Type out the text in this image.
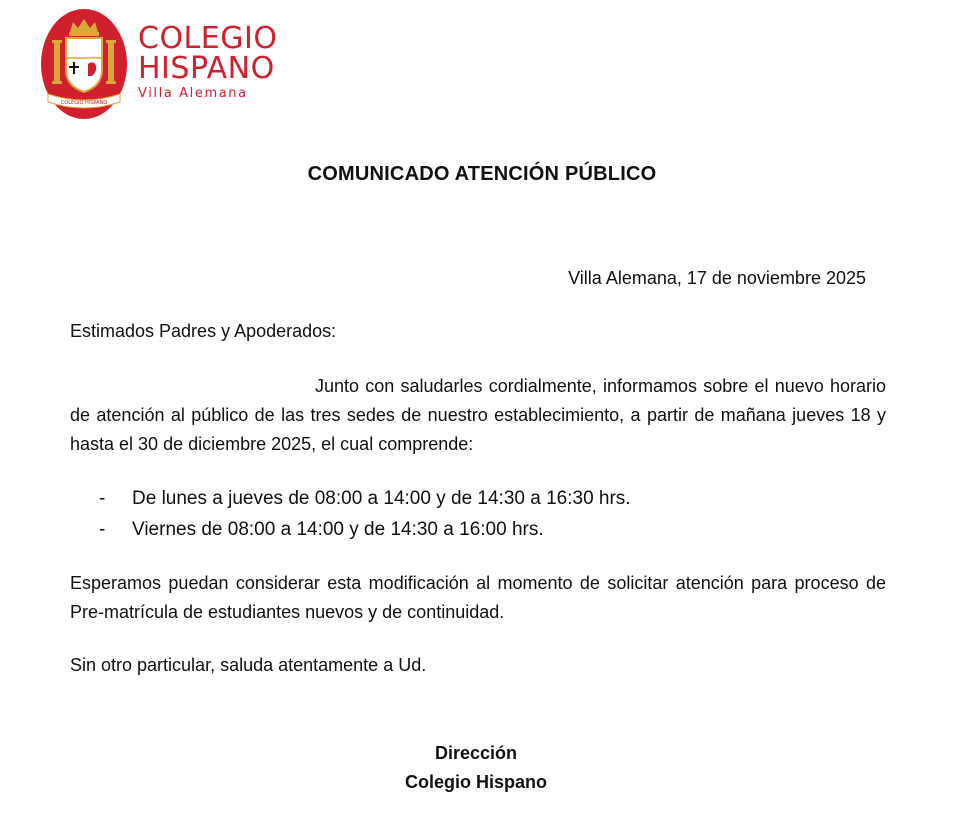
COLEGIO HISPANO
COLEGIO
HISPANO
Villa Alemana
COMUNICADO ATENCIÓN PÚBLICO
Villa Alemana, 17 de noviembre 2025
Estimados Padres y Apoderados:
Junto con saludarles cordialmente, informamos sobre el nuevo horario de atención al público de las tres sedes de nuestro establecimiento, a partir de mañana jueves 18 y hasta el 30 de diciembre 2025, el cual comprende:
- De lunes a jueves de 08:00 a 14:00 y de 14:30 a 16:30 hrs.
- Viernes de 08:00 a 14:00 y de 14:30 a 16:00 hrs.
Esperamos puedan considerar esta modificación al momento de solicitar atención para proceso de Pre-matrícula de estudiantes nuevos y de continuidad.
Sin otro particular, saluda atentamente a Ud.
Dirección
Colegio Hispano
